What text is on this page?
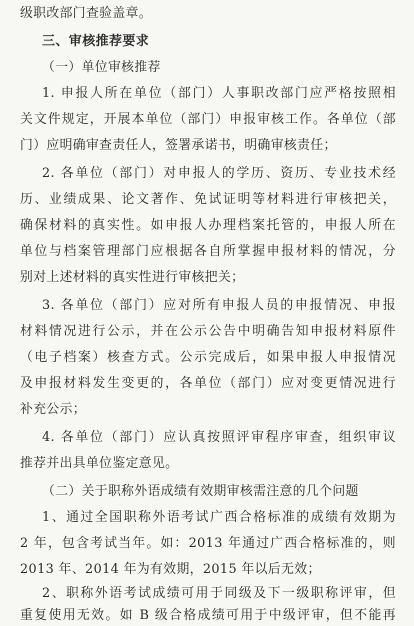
级职改部门查验盖章。
三、审核推荐要求
（一）单位审核推荐
1. 申报人所在单位（部门）人事职改部门应严格按照相
关文件规定，开展本单位（部门）申报审核工作。各单位（部
门）应明确审查责任人，签署承诺书，明确审核责任；
2. 各单位（部门）对申报人的学历、资历、专业技术经
历、业绩成果、论文著作、免试证明等材料进行审核把关，
确保材料的真实性。如申报人办理档案托管的，申报人所在
单位与档案管理部门应根据各自所掌握申报材料的情况，分
别对上述材料的真实性进行审核把关；
3. 各单位（部门）应对所有申报人员的申报情况、申报
材料情况进行公示，并在公示公告中明确告知申报材料原件
（电子档案）核查方式。公示完成后，如果申报人申报情况
及申报材料发生变更的，各单位（部门）应对变更情况进行
补充公示；
4. 各单位（部门）应认真按照评审程序审查，组织审议
推荐并出具单位鉴定意见。
（二）关于职称外语成绩有效期审核需注意的几个问题
1、通过全国职称外语考试广西合格标准的成绩有效期为
2 年，包含考试当年。如：2013 年通过广西合格标准的，则
2013 年、2014 年为有效期，2015 年以后无效；
2、职称外语考试成绩可用于同级及下一级职称评审，但
重复使用无效。如 B 级合格成绩可用于中级评审，但不能再
